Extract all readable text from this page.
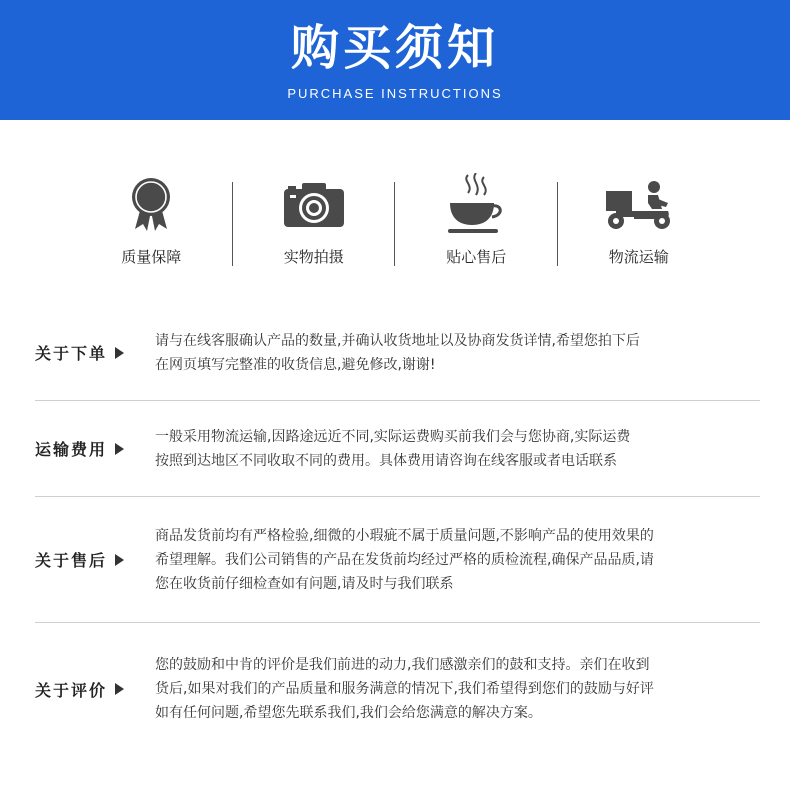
购买须知
PURCHASE INSTRUCTIONS
质量保障	实物拍摄	贴心售后	物流运输
关于下单
请与在线客服确认产品的数量,并确认收货地址以及协商发货详情,希望您拍下后
在网页填写完整准的收货信息,避免修改,谢谢!
运输费用
一般采用物流运输,因路途远近不同,实际运费购买前我们会与您协商,实际运费
按照到达地区不同收取不同的费用。具体费用请咨询在线客服或者电话联系
关于售后
商品发货前均有严格检验,细微的小瑕疵不属于质量问题,不影响产品的使用效果的
希望理解。我们公司销售的产品在发货前均经过严格的质检流程,确保产品品质,请
您在收货前仔细检查如有问题,请及时与我们联系
关于评价
您的鼓励和中肯的评价是我们前进的动力,我们感激亲们的鼓和支持。亲们在收到
货后,如果对我们的产品质量和服务满意的情况下,我们希望得到您们的鼓励与好评
如有任何问题,希望您先联系我们,我们会给您满意的解决方案。
